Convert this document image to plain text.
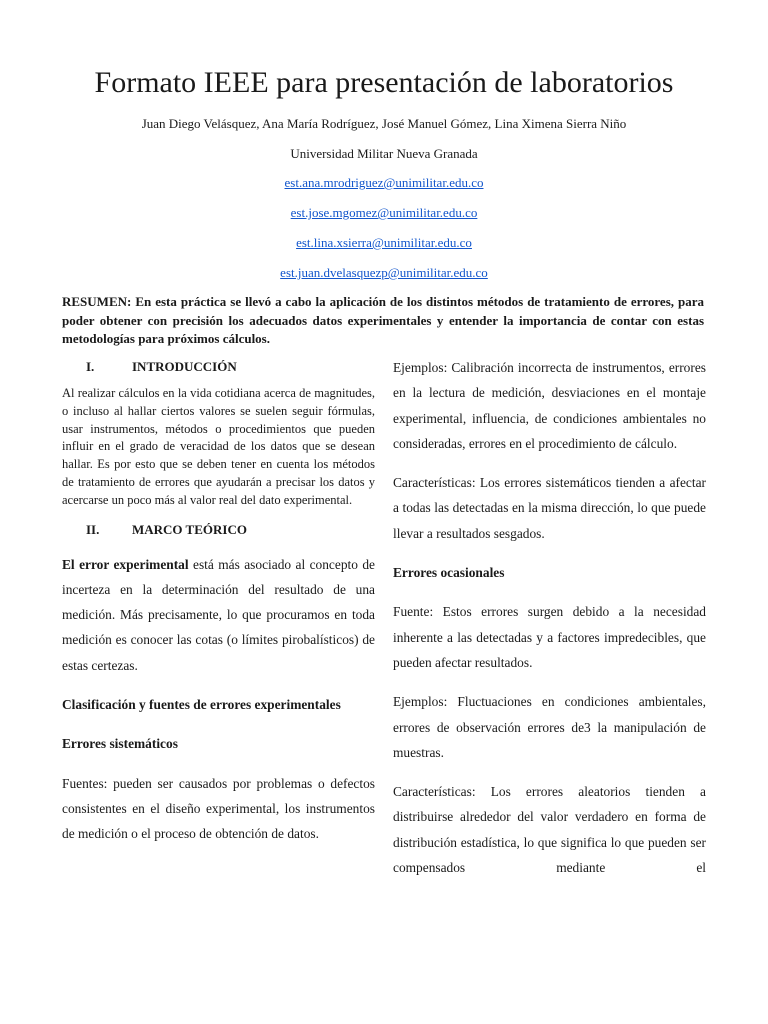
Formato IEEE para presentación de laboratorios
Juan Diego Velásquez, Ana María Rodríguez, José Manuel Gómez, Lina Ximena Sierra Niño
Universidad Militar Nueva Granada
est.ana.mrodriguez@unimilitar.edu.co
est.jose.mgomez@unimilitar.edu.co
est.lina.xsierra@unimilitar.edu.co
est.juan.dvelasquezp@unimilitar.edu.co
RESUMEN: En esta práctica se llevó a cabo la aplicación de los distintos métodos de tratamiento de errores, para poder obtener con precisión los adecuados datos experimentales y entender la importancia de contar con estas metodologías para próximos cálculos.
I.	INTRODUCCIÓN

Al realizar cálculos en la vida cotidiana acerca de magnitudes, o incluso al hallar ciertos valores se suelen seguir fórmulas, usar instrumentos, métodos o procedimientos que pueden influir en el grado de veracidad de los datos que se desean hallar. Es por esto que se deben tener en cuenta los métodos de tratamiento de errores que ayudarán a precisar los datos y acercarse un poco más al valor real del dato experimental.

II.	MARCO TEÓRICO

El error experimental está más asociado al concepto de incerteza en la determinación del resultado de una medición. Más precisamente, lo que procuramos en toda medición es conocer las cotas (o límites pirobalísticos) de estas certezas.

Clasificación y fuentes de errores experimentales
Errores sistemáticos

Fuentes: pueden ser causados por problemas o defectos consistentes en el diseño experimental, los instrumentos de medición o el proceso de obtención de datos.

Ejemplos: Calibración incorrecta de instrumentos, errores en la lectura de medición, desviaciones en el montaje experimental, influencia, de condiciones ambientales no consideradas, errores en el procedimiento de cálculo.

Características: Los errores sistemáticos tienden a afectar a todas las detectadas en la misma dirección, lo que puede llevar a resultados sesgados.

Errores ocasionales

Fuente: Estos errores surgen debido a la necesidad inherente a las detectadas y a factores impredecibles, que pueden afectar resultados.

Ejemplos: Fluctuaciones en condiciones ambientales, errores de observación errores de3 la manipulación de muestras.

Características: Los errores aleatorios tienden a distribuirse alrededor del valor verdadero en forma de distribución estadística, lo que significa lo que pueden ser compensados mediante el
